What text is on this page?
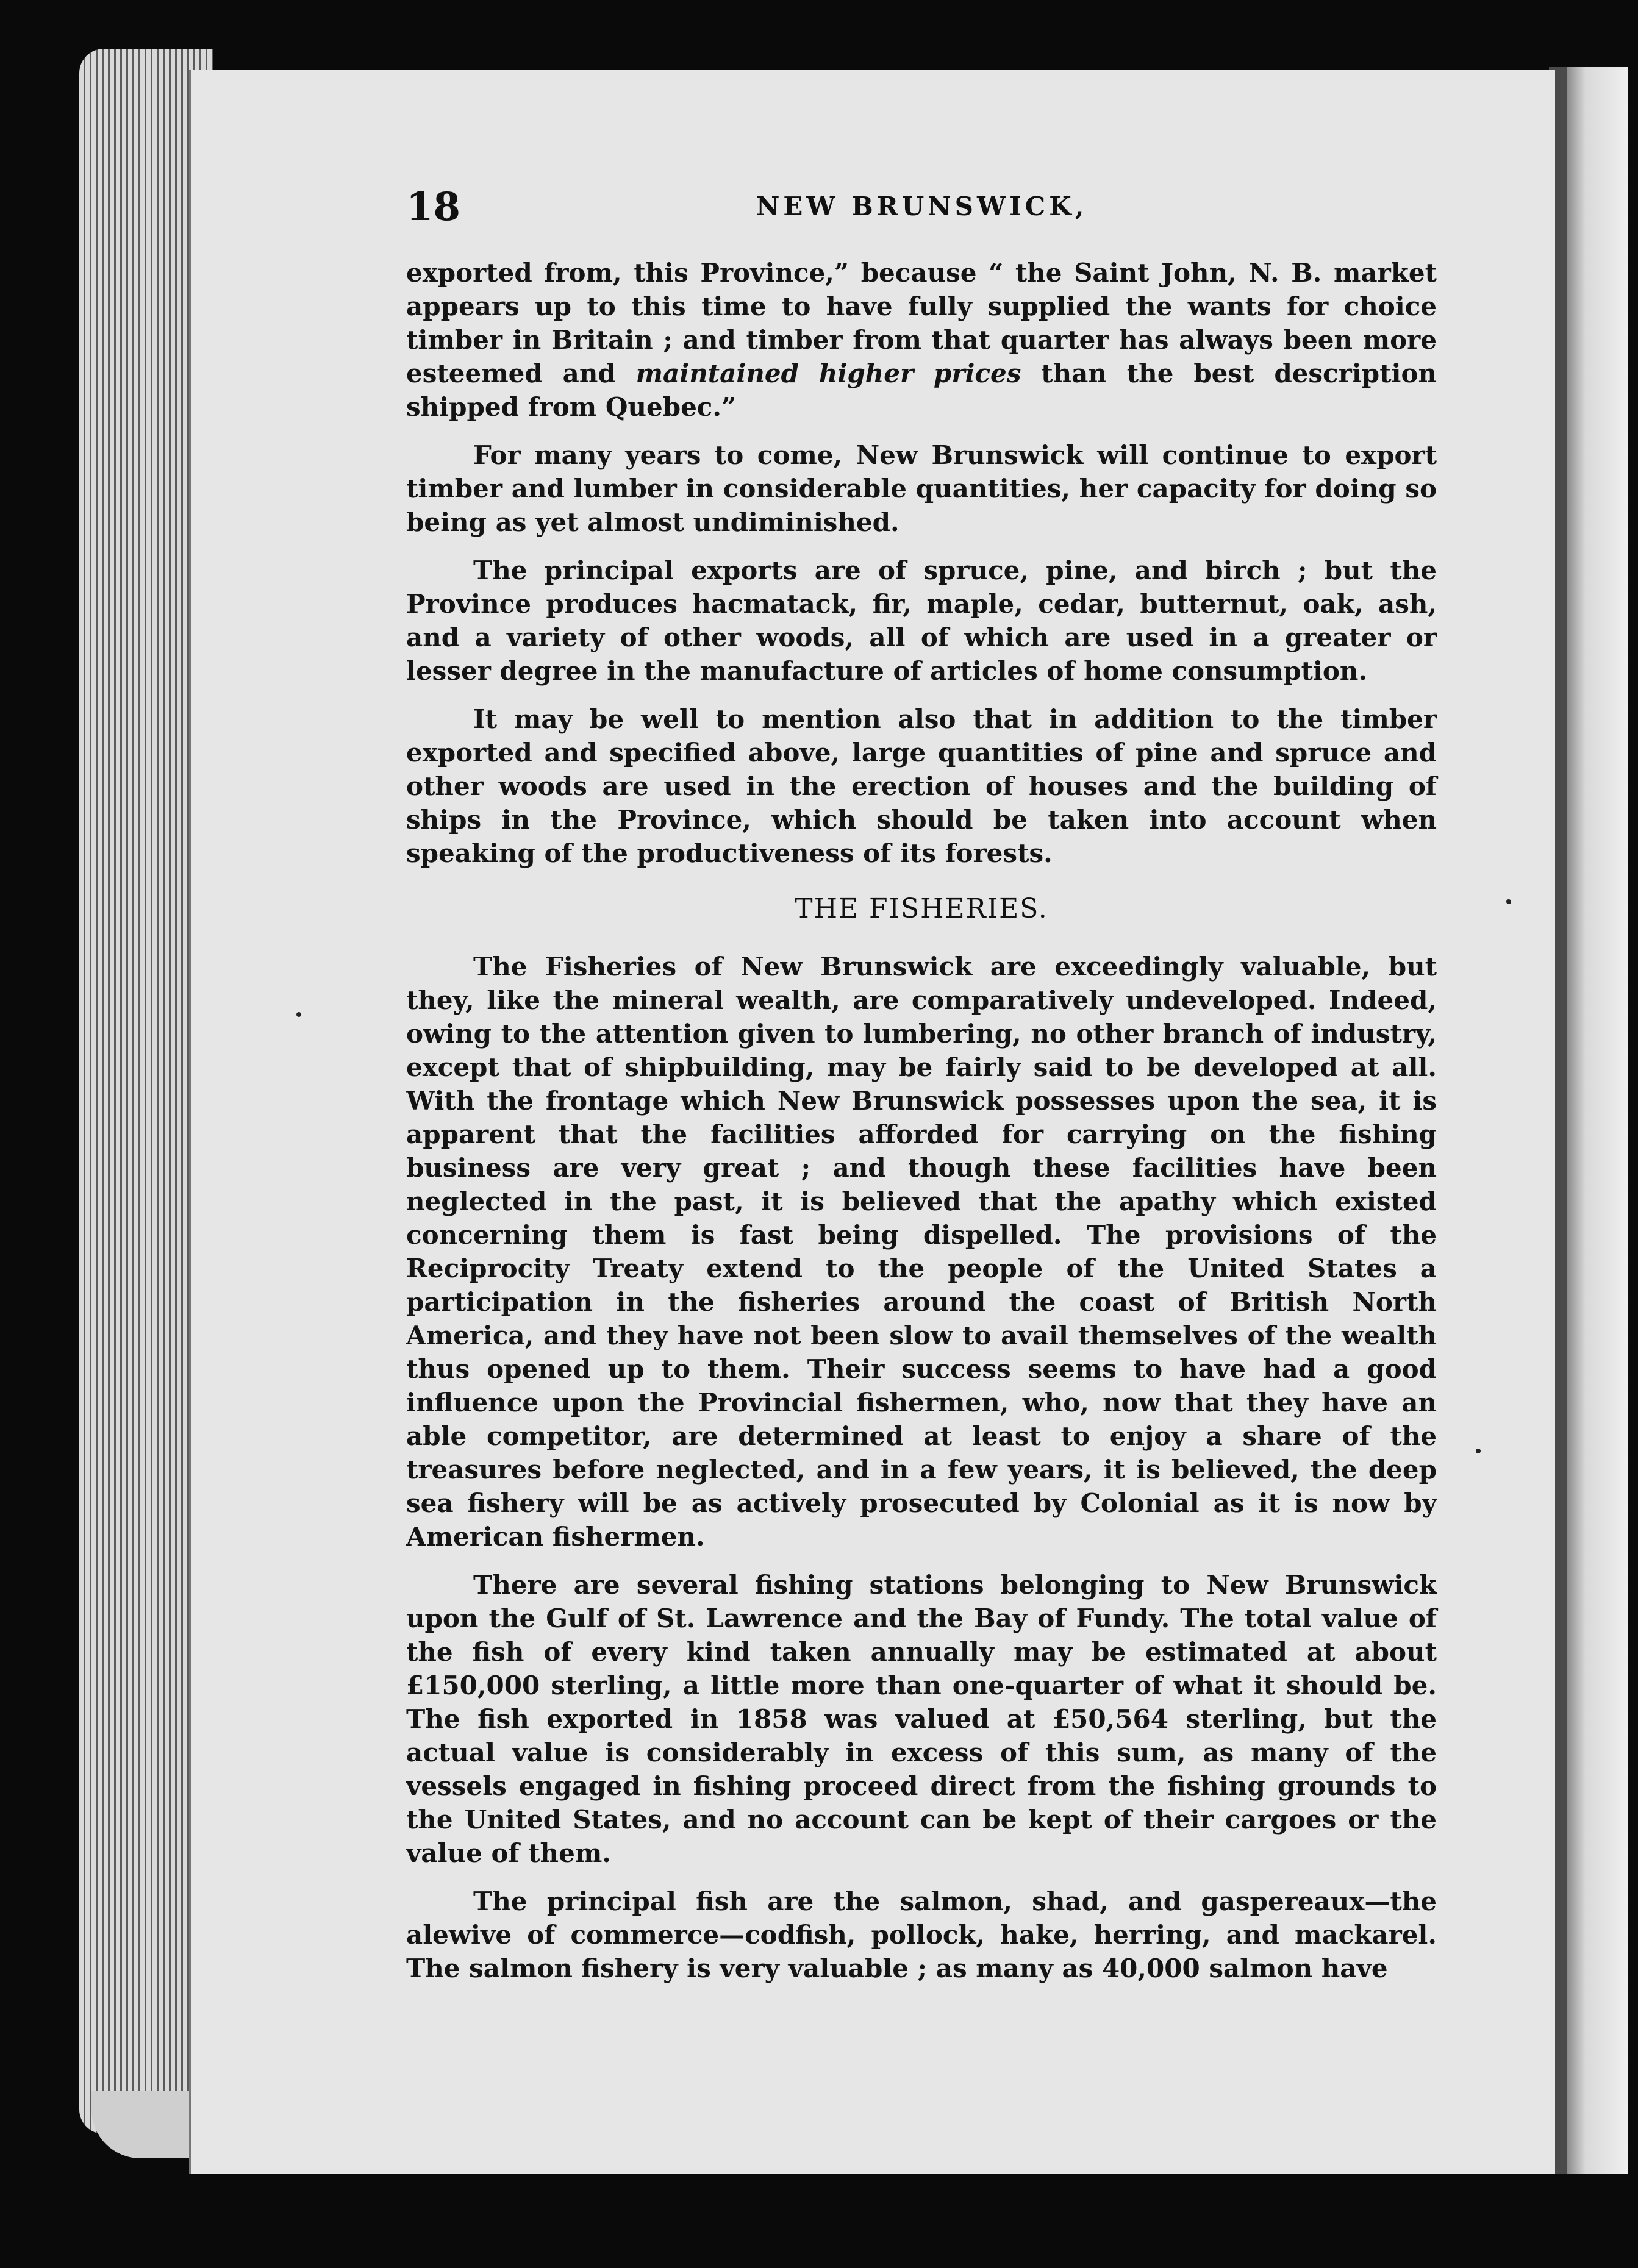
18	NEW BRUNSWICK,

exported from, this Province,” because “ the Saint John, N. B. market appears up to this time to have fully supplied the wants for choice timber in Britain ; and timber from that quarter has always been more esteemed and maintained higher prices than the best description shipped from Quebec.”

For many years to come, New Brunswick will continue to export timber and lumber in considerable quantities, her capacity for doing so being as yet almost undiminished.

The principal exports are of spruce, pine, and birch ; but the Province produces hacmatack, fir, maple, cedar, butternut, oak, ash, and a variety of other woods, all of which are used in a greater or lesser degree in the manufacture of articles of home consumption.

It may be well to mention also that in addition to the timber exported and specified above, large quantities of pine and spruce and other woods are used in the erection of houses and the building of ships in the Province, which should be taken into account when speaking of the productiveness of its forests.

THE FISHERIES.

The Fisheries of New Brunswick are exceedingly valuable, but they, like the mineral wealth, are comparatively undeveloped. Indeed, owing to the attention given to lumbering, no other branch of industry, except that of shipbuilding, may be fairly said to be developed at all. With the frontage which New Brunswick possesses upon the sea, it is apparent that the facilities afforded for carrying on the fishing business are very great ; and though these facilities have been neglected in the past, it is believed that the apathy which existed concerning them is fast being dispelled. The provisions of the Reciprocity Treaty extend to the people of the United States a participation in the fisheries around the coast of British North America, and they have not been slow to avail themselves of the wealth thus opened up to them. Their success seems to have had a good influence upon the Provincial fishermen, who, now that they have an able competitor, are determined at least to enjoy a share of the treasures before neglected, and in a few years, it is believed, the deep sea fishery will be as actively prosecuted by Colonial as it is now by American fishermen.

There are several fishing stations belonging to New Brunswick upon the Gulf of St. Lawrence and the Bay of Fundy. The total value of the fish of every kind taken annually may be estimated at about £150,000 sterling, a little more than one-quarter of what it should be. The fish exported in 1858 was valued at £50,564 sterling, but the actual value is considerably in excess of this sum, as many of the vessels engaged in fishing proceed direct from the fishing grounds to the United States, and no account can be kept of their cargoes or the value of them.

The principal fish are the salmon, shad, and gaspereaux—the alewive of commerce—codfish, pollock, hake, herring, and mackarel. The salmon fishery is very valuable ; as many as 40,000 salmon have
